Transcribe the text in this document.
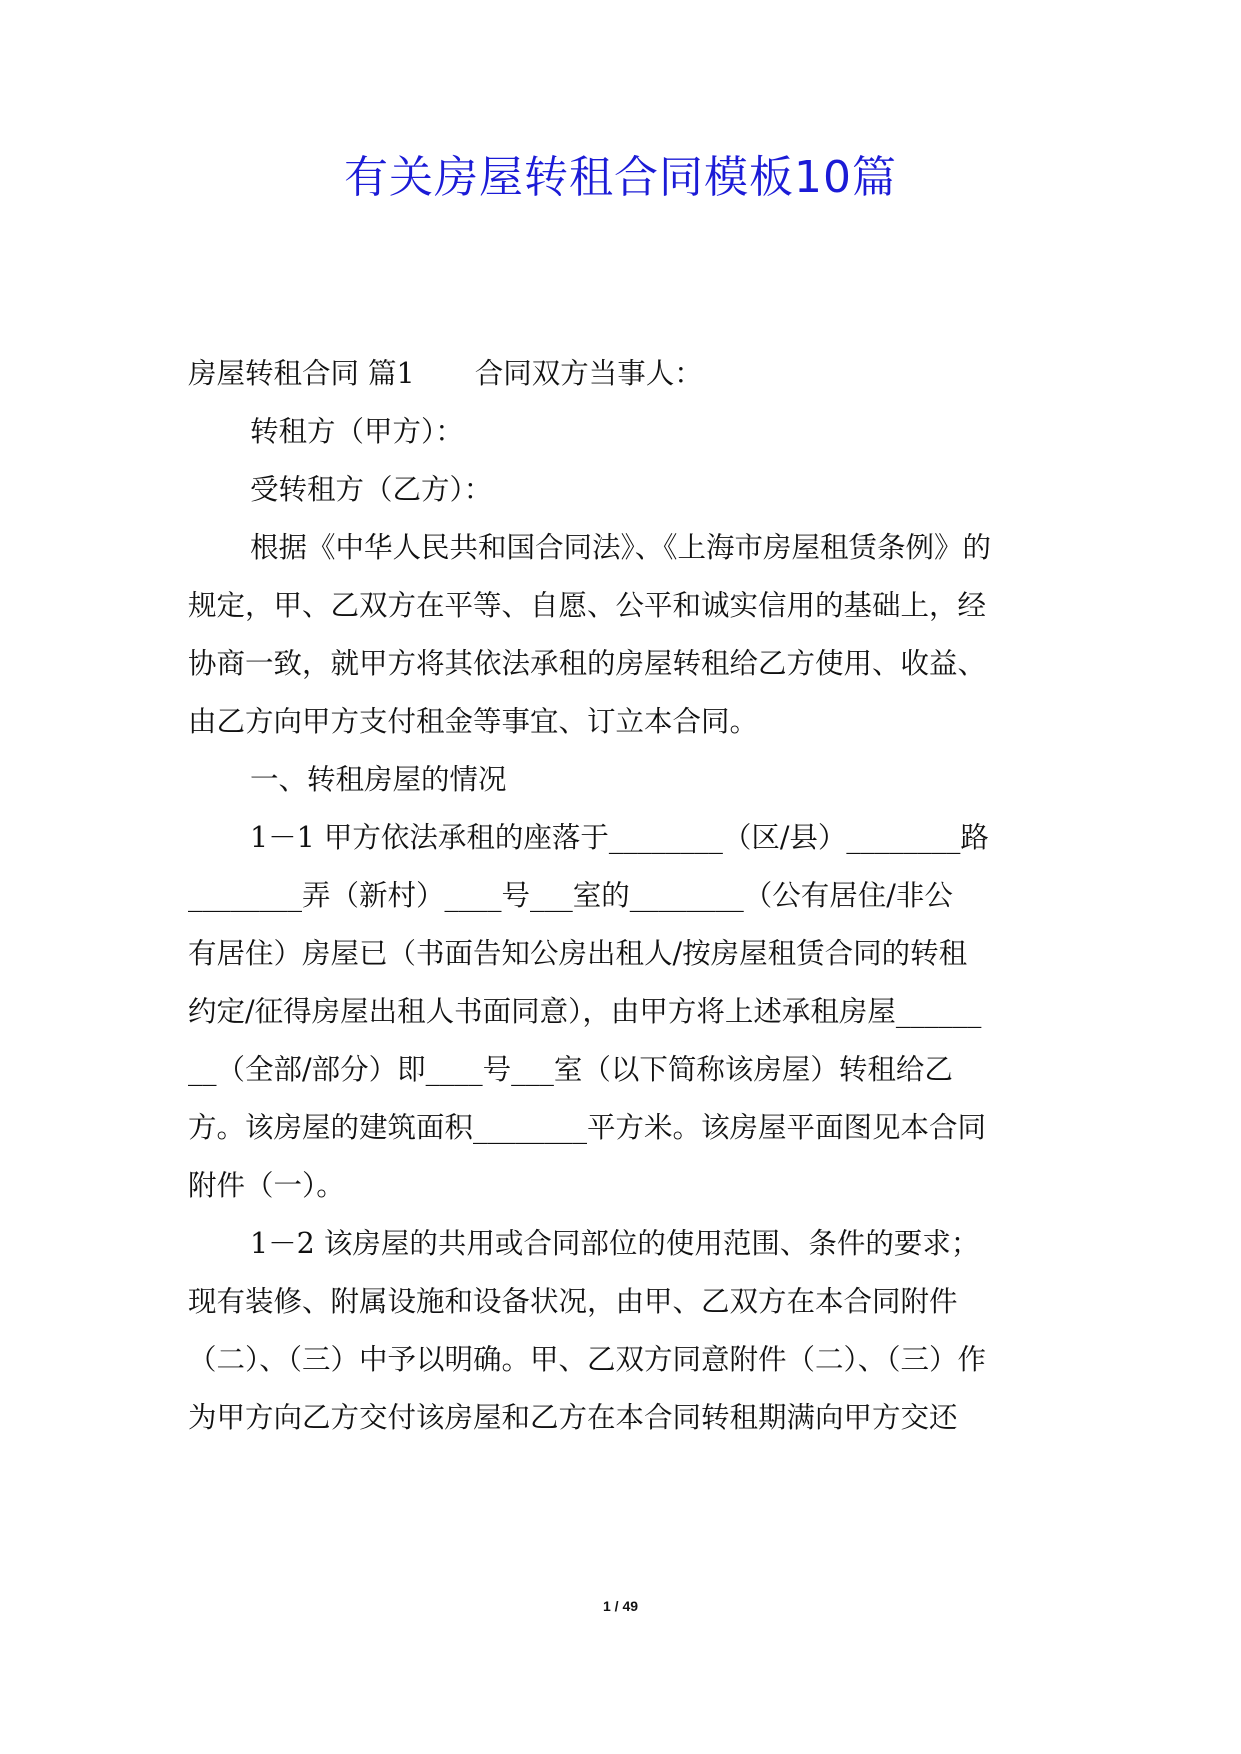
有关房屋转租合同模板10篇
房屋转租合同 篇1 合同双方当事人：
转租方（甲方）：
受转租方（乙方）：
根据《中华人民共和国合同法》、《上海市房屋租赁条例》的
规定，甲、乙双方在平等、自愿、公平和诚实信用的基础上，经
协商一致，就甲方将其依法承租的房屋转租给乙方使用、收益、
由乙方向甲方支付租金等事宜、订立本合同。
一、转租房屋的情况
1－1 甲方依法承租的座落于________（区/县）________路
________弄（新村）____号___室的________（公有居住/非公
有居住）房屋已（书面告知公房出租人/按房屋租赁合同的转租
约定/征得房屋出租人书面同意），由甲方将上述承租房屋______
__（全部/部分）即____号___室（以下简称该房屋）转租给乙
方。该房屋的建筑面积________平方米。该房屋平面图见本合同
附件（一）。
1－2 该房屋的共用或合同部位的使用范围、条件的要求；
现有装修、附属设施和设备状况，由甲、乙双方在本合同附件
（二）、（三）中予以明确。甲、乙双方同意附件（二）、（三）作
为甲方向乙方交付该房屋和乙方在本合同转租期满向甲方交还
1 / 49
